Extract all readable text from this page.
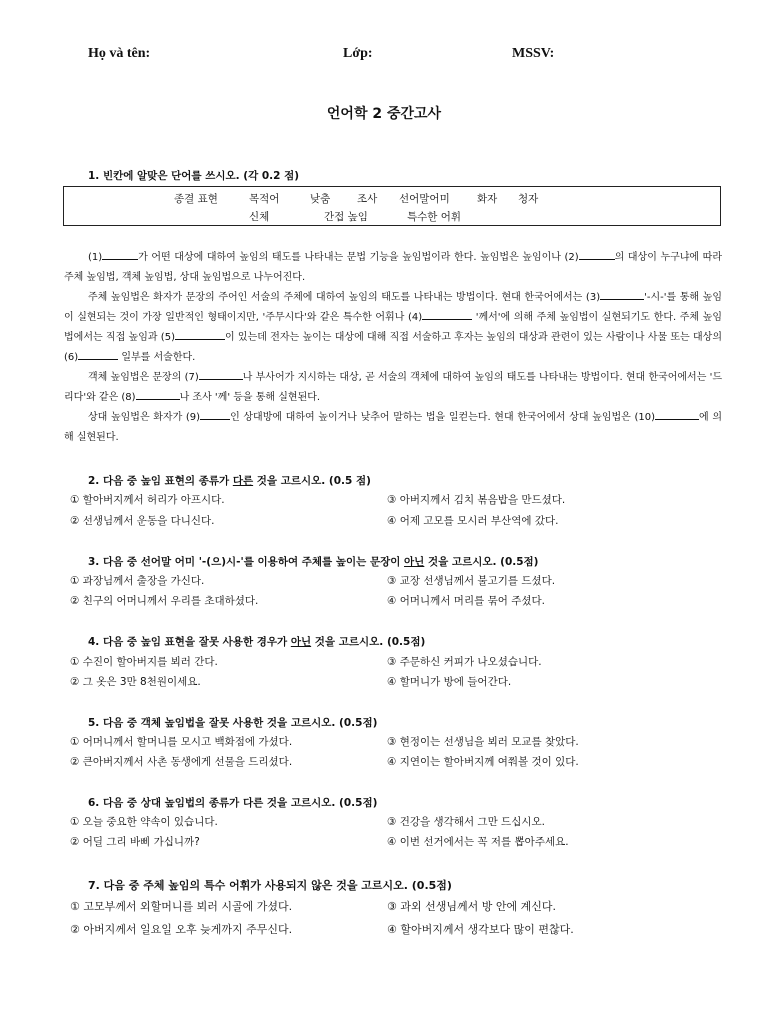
Họ và tên:	Lớp:	MSSV:
언어학 2 중간고사
1. 빈칸에 알맞은 단어를 쓰시오. (각 0.2 점)
종결 표현	목적어	낮춤	조사 선어말어미	화자 청자
신체	간접 높임	특수한 어휘

(1)	가 어떤 대상에 대하여 높임의 태도를 나타내는 문법 기능을 높임법이라 한다. 높임법은 높임이나 (2)	의 대상이 누구냐에 따라 주체 높임법, 객체 높임법, 상대 높임법으로 나누어진다.

주체 높임법은 화자가 문장의 주어인 서술의 주체에 대하여 높임의 태도를 나타내는 방법이다. 현대 한국어에서는 (3)	'-시-'를 통해 높임이 실현되는 것이 가장 일반적인 형태이지만, '주무시다'와 같은 특수한 어휘나 (4)	'께서'에 의해 주체 높임법이 실현되기도 한다. 주체 높임법에서는 직접 높임과 (5)	이 있는데 전자는 높이는 대상에 대해 직접 서술하고 후자는 높임의 대상과 관련이 있는 사람이나 사물 또는 대상의 (6)	일부를 서술한다.

객체 높임법은 문장의 (7)	나 부사어가 지시하는 대상, 곧 서술의 객체에 대하여 높임의 태도를 나타내는 방법이다. 현대 한국어에서는 '드리다'와 같은 (8)	나 조사 '께' 등을 통해 실현된다.

상대 높임법은 화자가 (9)	인 상대방에 대하여 높이거나 낮추어 말하는 법을 일컫는다. 현대 한국어에서 상대 높임법은 (10)	에 의해 실현된다.

2. 다음 중 높임 표현의 종류가 다른 것을 고르시오. (0.5 점)
① 할아버지께서 허리가 아프시다.	③ 아버지께서 김치 볶음밥을 만드셨다.
② 선생님께서 운동을 다니신다.	④ 어제 고모를 모시러 부산역에 갔다.
3. 다음 중 선어말 어미 '-(으)시-'를 이용하여 주체를 높이는 문장이 아닌 것을 고르시오. (0.5점)
① 과장님께서 출장을 가신다.	③ 교장 선생님께서 불고기를 드셨다.
② 친구의 어머니께서 우리를 초대하셨다.	④ 어머니께서 머리를 묶어 주셨다.
4. 다음 중 높임 표현을 잘못 사용한 경우가 아닌 것을 고르시오. (0.5점)
① 수진이 할아버지를 뵈러 간다.	③ 주문하신 커피가 나오셨습니다.
② 그 옷은 3만 8천원이세요.	④ 할머니가 방에 들어간다.
5. 다음 중 객체 높임법을 잘못 사용한 것을 고르시오. (0.5점)
① 어머니께서 할머니를 모시고 백화점에 가셨다.	③ 현정이는 선생님을 뵈러 모교를 찾았다.
② 큰아버지께서 사촌 동생에게 선물을 드리셨다.	④ 지연이는 할아버지께 여쭤볼 것이 있다.
6. 다음 중 상대 높임법의 종류가 다른 것을 고르시오. (0.5점)
① 오늘 중요한 약속이 있습니다.	③ 건강을 생각해서 그만 드십시오.
② 어딜 그리 바삐 가십니까?	④ 이번 선거에서는 꼭 저를 뽑아주세요.
7. 다음 중 주체 높임의 특수 어휘가 사용되지 않은 것을 고르시오. (0.5점)
① 고모부께서 외할머니를 뵈러 시골에 가셨다.	③ 과외 선생님께서 방 안에 계신다.
② 아버지께서 일요일 오후 늦게까지 주무신다.	④ 할아버지께서 생각보다 많이 편찮다.
